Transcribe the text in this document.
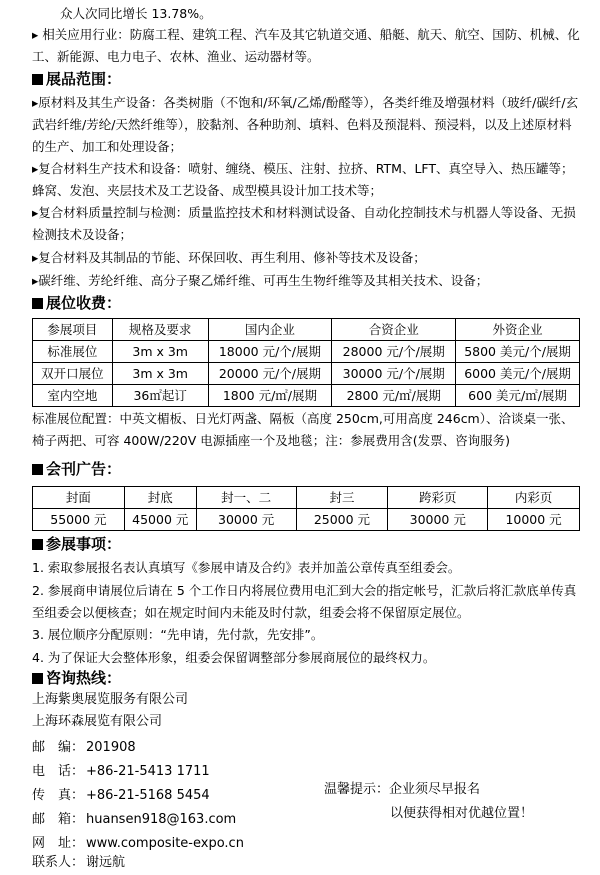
众人次同比增长 13.78%。
▸ 相关应用行业：防腐工程、建筑工程、汽车及其它轨道交通、船艇、航天、航空、国防、机械、化工、新能源、电力电子、农林、渔业、运动器材等。
展品范围：
▸原材料及其生产设备：各类树脂（不饱和/环氧/乙烯/酚醛等），各类纤维及增强材料（玻纤/碳纤/玄武岩纤维/芳纶/天然纤维等），胶黏剂、各种助剂、填料、色料及预混料、预浸料，以及上述原材料的生产、加工和处理设备；
▸复合材料生产技术和设备：喷射、缠绕、模压、注射、拉挤、RTM、LFT、真空导入、热压罐等；蜂窝、发泡、夹层技术及工艺设备、成型模具设计加工技术等；
▸复合材料质量控制与检测：质量监控技术和材料测试设备、自动化控制技术与机器人等设备、无损检测技术及设备；
▸复合材料及其制品的节能、环保回收、再生利用、修补等技术及设备；
▸碳纤维、芳纶纤维、高分子聚乙烯纤维、可再生生物纤维等及其相关技术、设备；
展位收费：
参展项目	规格及要求	国内企业	合资企业	外资企业
标准展位	3m x 3m	18000 元/个/展期	28000 元/个/展期	5800 美元/个/展期
双开口展位	3m x 3m	20000 元/个/展期	30000 元/个/展期	6000 美元/个/展期
室内空地	36㎡起订	1800 元/㎡/展期	2800 元/㎡/展期	600 美元/㎡/展期
标准展位配置：中英文楣板、日光灯两盏、隔板（高度 250cm,可用高度 246cm）、洽谈桌一张、椅子两把、可容 400W/220V 电源插座一个及地毯；注：参展费用含(发票、咨询服务)
会刊广告：
封面	封底	封一、二	封三	跨彩页	内彩页
55000 元	45000 元	30000 元	25000 元	30000 元	10000 元
参展事项：
1. 索取参展报名表认真填写《参展申请及合约》表并加盖公章传真至组委会。
2. 参展商申请展位后请在 5 个工作日内将展位费用电汇到大会的指定帐号，汇款后将汇款底单传真至组委会以便核查；如在规定时间内未能及时付款，组委会将不保留原定展位。
3. 展位顺序分配原则：“先申请，先付款，先安排”。
4. 为了保证大会整体形象，组委会保留调整部分参展商展位的最终权力。
咨询热线：
上海紫奥展览服务有限公司
上海环森展览有限公司
邮　编： 201908
电　话： +86-21-5413 1711
传　真： +86-21-5168 5454
邮　箱： huansen918@163.com
网　址： www.composite-expo.cn
联系人： 谢远航
温馨提示：企业须尽早报名
以便获得相对优越位置！
